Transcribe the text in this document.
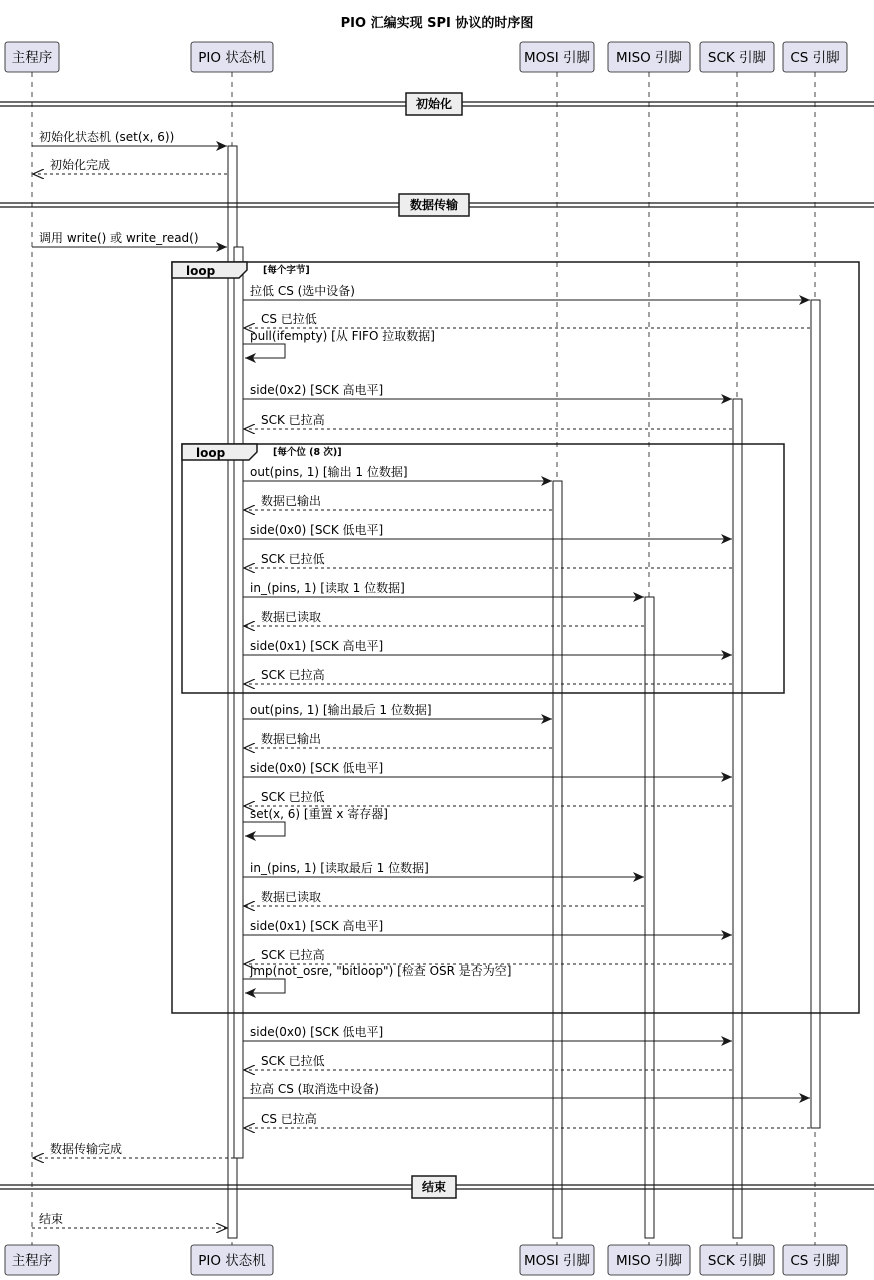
PIO 汇编实现 SPI 协议的时序图
loop	[每个字节]
loop	[每个位 (8 次)]
初始化
数据传输
结束
初始化状态机 (set(x, 6))
初始化完成
调用 write() 或 write_read()
拉低 CS (选中设备)
CS 已拉低
pull(ifempty) [从 FIFO 拉取数据]
side(0x2) [SCK 高电平]
SCK 已拉高
out(pins, 1) [输出 1 位数据]
数据已输出
side(0x0) [SCK 低电平]
SCK 已拉低
in_(pins, 1) [读取 1 位数据]
数据已读取
side(0x1) [SCK 高电平]
SCK 已拉高
out(pins, 1) [输出最后 1 位数据]
数据已输出
side(0x0) [SCK 低电平]
SCK 已拉低
set(x, 6) [重置 x 寄存器]
in_(pins, 1) [读取最后 1 位数据]
数据已读取
side(0x1) [SCK 高电平]
SCK 已拉高
jmp(not_osre, "bitloop") [检查 OSR 是否为空]
side(0x0) [SCK 低电平]
SCK 已拉低
拉高 CS (取消选中设备)
CS 已拉高
数据传输完成
结束
主程序	PIO 状态机	MOSI 引脚 MISO 引脚 SCK 引脚 CS 引脚
主程序	PIO 状态机	MOSI 引脚 MISO 引脚 SCK 引脚 CS 引脚
